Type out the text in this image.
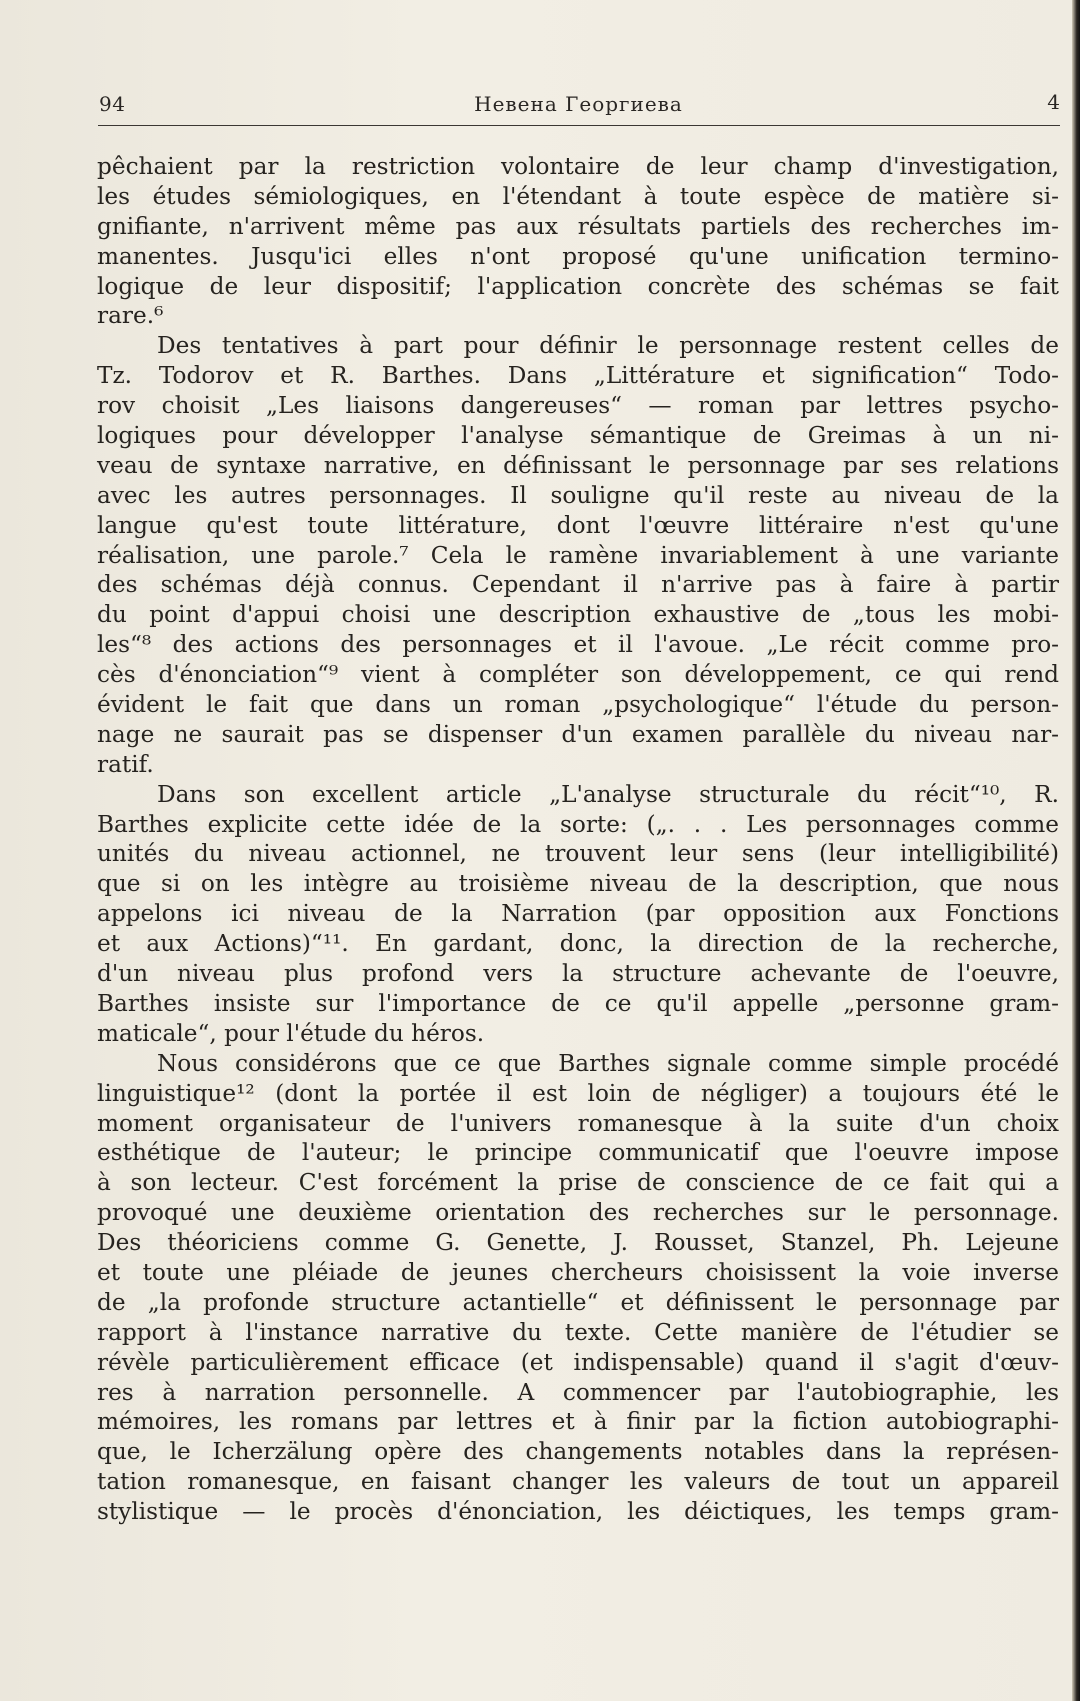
94	Невена Георгиева	4
pêchaient par la restriction volontaire de leur champ d'investigation,
les études sémiologiques, en l'étendant à toute espèce de matière si-
gnifiante, n'arrivent même pas aux résultats partiels des recherches im-
manentes. Jusqu'ici elles n'ont proposé qu'une unification termino-
logique de leur dispositif; l'application concrète des schémas se fait
rare.⁶
Des tentatives à part pour définir le personnage restent celles de
Tz. Todorov et R. Barthes. Dans „Littérature et signification“ Todo-
rov choisit „Les liaisons dangereuses“ — roman par lettres psycho-
logiques pour développer l'analyse sémantique de Greimas à un ni-
veau de syntaxe narrative, en définissant le personnage par ses relations
avec les autres personnages. Il souligne qu'il reste au niveau de la
langue qu'est toute littérature, dont l'œuvre littéraire n'est qu'une
réalisation, une parole.⁷ Cela le ramène invariablement à une variante
des schémas déjà connus. Cependant il n'arrive pas à faire à partir
du point d'appui choisi une description exhaustive de „tous les mobi-
les“⁸ des actions des personnages et il l'avoue. „Le récit comme pro-
cès d'énonciation“⁹ vient à compléter son développement, ce qui rend
évident le fait que dans un roman „psychologique“ l'étude du person-
nage ne saurait pas se dispenser d'un examen parallèle du niveau nar-
ratif.
Dans son excellent article „L'analyse structurale du récit“¹⁰, R.
Barthes explicite cette idée de la sorte: („. . . Les personnages comme
unités du niveau actionnel, ne trouvent leur sens (leur intelligibilité)
que si on les intègre au troisième niveau de la description, que nous
appelons ici niveau de la Narration (par opposition aux Fonctions
et aux Actions)“¹¹. En gardant, donc, la direction de la recherche,
d'un niveau plus profond vers la structure achevante de l'oeuvre,
Barthes insiste sur l'importance de ce qu'il appelle „personne gram-
maticale“, pour l'étude du héros.
Nous considérons que ce que Barthes signale comme simple procédé
linguistique¹² (dont la portée il est loin de négliger) a toujours été le
moment organisateur de l'univers romanesque à la suite d'un choix
esthétique de l'auteur; le principe communicatif que l'oeuvre impose
à son lecteur. C'est forcément la prise de conscience de ce fait qui a
provoqué une deuxième orientation des recherches sur le personnage.
Des théoriciens comme G. Genette, J. Rousset, Stanzel, Ph. Lejeune
et toute une pléiade de jeunes chercheurs choisissent la voie inverse
de „la profonde structure actantielle“ et définissent le personnage par
rapport à l'instance narrative du texte. Cette manière de l'étudier se
révèle particulièrement efficace (et indispensable) quand il s'agit d'œuv-
res à narration personnelle. A commencer par l'autobiographie, les
mémoires, les romans par lettres et à finir par la fiction autobiographi-
que, le Icherzälung opère des changements notables dans la représen-
tation romanesque, en faisant changer les valeurs de tout un appareil
stylistique — le procès d'énonciation, les déictiques, les temps gram-
